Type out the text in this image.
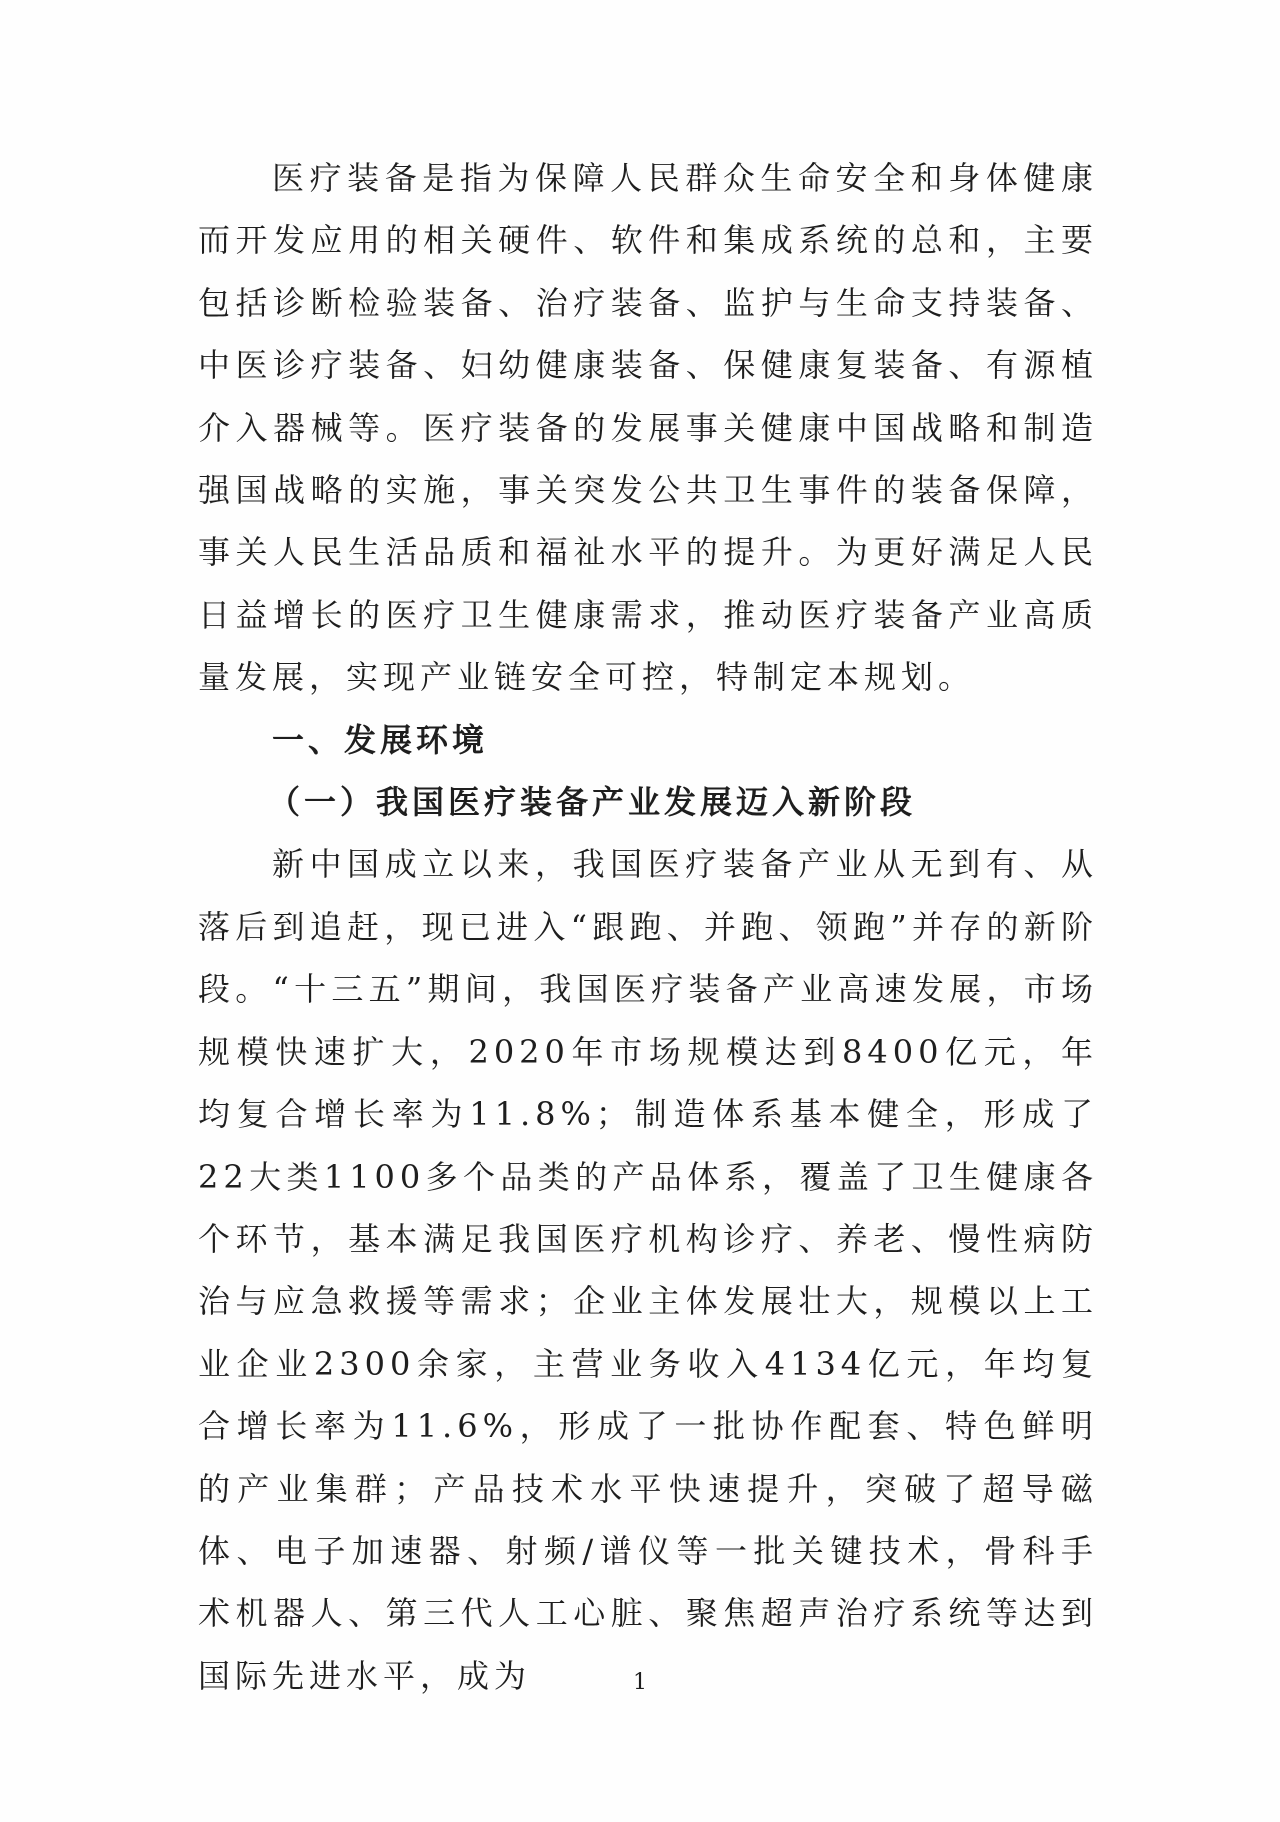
医疗装备是指为保障人民群众生命安全和身体健康而开发应用的相关硬件、软件和集成系统的总和，主要包括诊断检验装备、治疗装备、监护与生命支持装备、中医诊疗装备、妇幼健康装备、保健康复装备、有源植介入器械等。医疗装备的发展事关健康中国战略和制造强国战略的实施，事关突发公共卫生事件的装备保障，事关人民生活品质和福祉水平的提升。为更好满足人民日益增长的医疗卫生健康需求，推动医疗装备产业高质量发展，实现产业链安全可控，特制定本规划。

一、发展环境
（一）我国医疗装备产业发展迈入新阶段

新中国成立以来，我国医疗装备产业从无到有、从落后到追赶，现已进入“跟跑、并跑、领跑”并存的新阶段。“十三五”期间，我国医疗装备产业高速发展，市场规模快速扩大，2020年市场规模达到8400亿元，年均复合增长率为11.8%；制造体系基本健全，形成了22大类1100多个品类的产品体系，覆盖了卫生健康各个环节，基本满足我国医疗机构诊疗、养老、慢性病防治与应急救援等需求；企业主体发展壮大，规模以上工业企业2300余家，主营业务收入4134亿元，年均复合增长率为11.6%，形成了一批协作配套、特色鲜明的产业集群；产品技术水平快速提升，突破了超导磁体、电子加速器、射频/谱仪等一批关键技术，骨科手术机器人、第三代人工心脏、聚焦超声治疗系统等达到国际先进水平，成为	1
